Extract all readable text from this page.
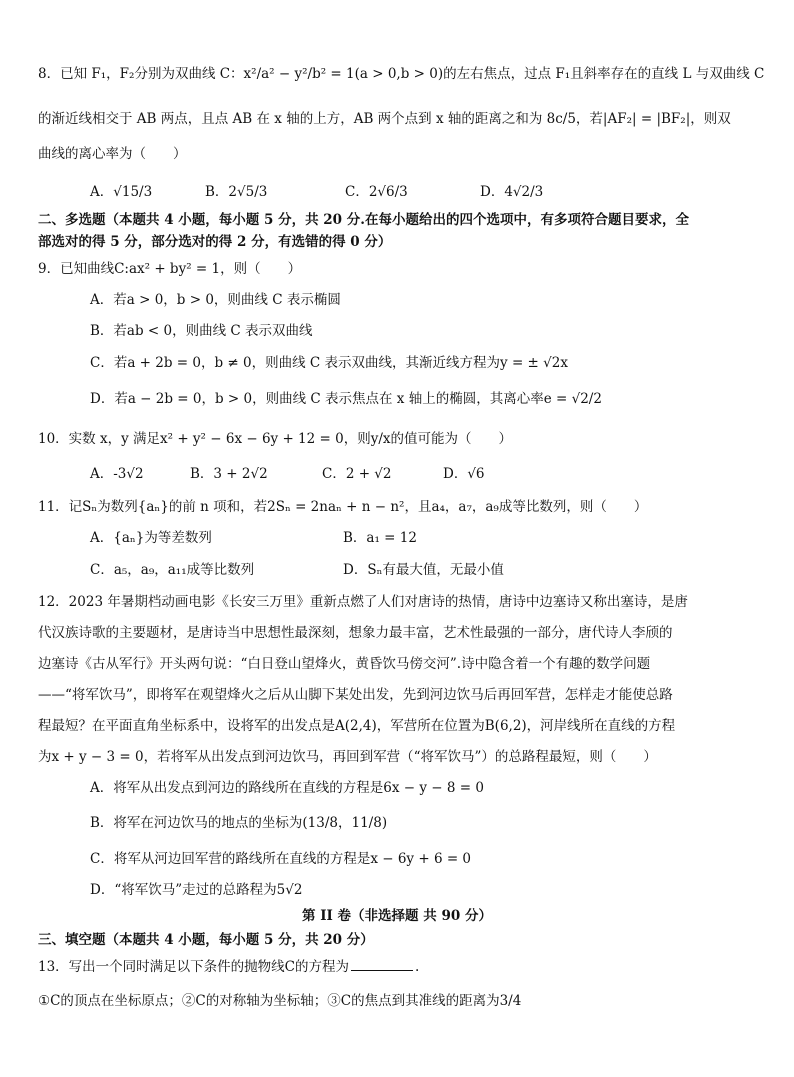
8．已知 F₁，F₂分别为双曲线 C：x²/a² − y²/b² = 1(a > 0,b > 0)的左右焦点，过点 F₁且斜率存在的直线 L 与双曲线 C
的渐近线相交于 AB 两点，且点 AB 在 x 轴的上方，AB 两个点到 x 轴的距离之和为 8c/5，若|AF₂| = |BF₂|，则双
曲线的离心率为（　　）
A．√15/3	B．2√5/3	C．2√6/3	D．4√2/3
二、多选题（本题共 4 小题，每小题 5 分，共 20 分.在每小题给出的四个选项中，有多项符合题目要求，全
部选对的得 5 分，部分选对的得 2 分，有选错的得 0 分）
9．已知曲线C:ax² + by² = 1，则（　　）
A．若a > 0，b > 0，则曲线 C 表示椭圆
B．若ab < 0，则曲线 C 表示双曲线
C．若a + 2b = 0，b ≠ 0，则曲线 C 表示双曲线，其渐近线方程为y = ± √2x
D．若a − 2b = 0，b > 0，则曲线 C 表示焦点在 x 轴上的椭圆，其离心率e = √2/2
10．实数 x，y 满足x² + y² − 6x − 6y + 12 = 0，则y/x的值可能为（　　）
A．-3√2	B．3 + 2√2	C．2 + √2	D．√6
11．记Sₙ为数列{aₙ}的前 n 项和，若2Sₙ = 2naₙ + n − n²，且a₄，a₇，a₉成等比数列，则（　　）
A．{aₙ}为等差数列	B．a₁ = 12
C．a₅，a₉，a₁₁成等比数列	D．Sₙ有最大值，无最小值
12．2023 年暑期档动画电影《长安三万里》重新点燃了人们对唐诗的热情，唐诗中边塞诗又称出塞诗，是唐
代汉族诗歌的主要题材，是唐诗当中思想性最深刻，想象力最丰富，艺术性最强的一部分，唐代诗人李颀的
边塞诗《古从军行》开头两句说：“白日登山望烽火，黄昏饮马傍交河”.诗中隐含着一个有趣的数学问题
——“将军饮马”，即将军在观望烽火之后从山脚下某处出发，先到河边饮马后再回军营，怎样走才能使总路
程最短？在平面直角坐标系中，设将军的出发点是A(2,4)，军营所在位置为B(6,2)，河岸线所在直线的方程
为x + y − 3 = 0，若将军从出发点到河边饮马，再回到军营（“将军饮马”）的总路程最短，则（　　）
A．将军从出发点到河边的路线所在直线的方程是6x − y − 8 = 0
B．将军在河边饮马的地点的坐标为(13/8，11/8)
C．将军从河边回军营的路线所在直线的方程是x − 6y + 6 = 0
D．“将军饮马”走过的总路程为5√2
第 II 卷（非选择题 共 90 分）
三、填空题（本题共 4 小题，每小题 5 分，共 20 分）
13．写出一个同时满足以下条件的抛物线C的方程为	.
①C的顶点在坐标原点；②C的对称轴为坐标轴；③C的焦点到其准线的距离为3/4
